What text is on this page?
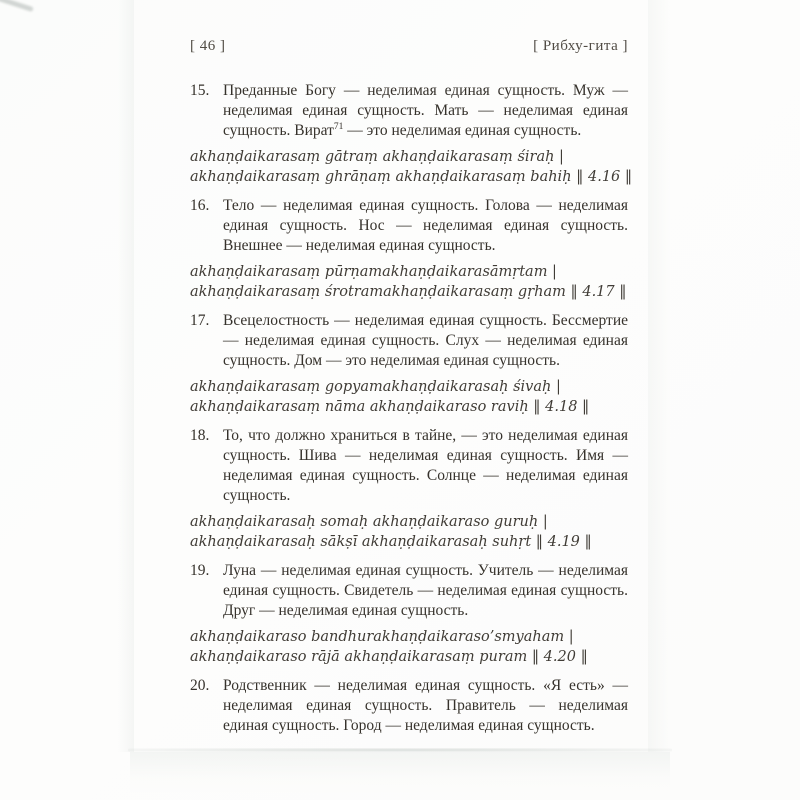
[ 46 ]	[ Рибху-гита ]
15. Преданные Богу — неделимая единая сущность. Муж — неделимая единая сущность. Мать — неделимая единая сущность. Вират$^{71}$ — это неделимая единая сущность.
akhaṇḍaikarasaṃ gātraṃ akhaṇḍaikarasaṃ śiraḥ |
akhaṇḍaikarasaṃ ghrāṇaṃ akhaṇḍaikarasaṃ bahiḥ ‖ 4.16 ‖
16. Тело — неделимая единая сущность. Голова — неделимая единая сущность. Нос — неделимая единая сущность. Внешнее — неделимая единая сущность.
akhaṇḍaikarasaṃ pūrṇamakhaṇḍaikarasāmṛtam |
akhaṇḍaikarasaṃ śrotramakhaṇḍaikarasaṃ gṛham ‖ 4.17 ‖
17. Всецелостность — неделимая единая сущность. Бессмертие — неделимая единая сущность. Слух — неделимая единая сущность. Дом — это неделимая единая сущность.
akhaṇḍaikarasaṃ gopyamakhaṇḍaikarasaḥ śivaḥ |
akhaṇḍaikarasaṃ nāma akhaṇḍaikaraso raviḥ ‖ 4.18 ‖
18. То, что должно храниться в тайне, — это неделимая единая сущность. Шива — неделимая единая сущность. Имя — неделимая единая сущность. Солнце — неделимая единая сущность.
akhaṇḍaikarasaḥ somaḥ akhaṇḍaikaraso guruḥ |
akhaṇḍaikarasaḥ sākṣī akhaṇḍaikarasaḥ suhṛt ‖ 4.19 ‖
19. Луна — неделимая единая сущность. Учитель — неделимая единая сущность. Свидетель — неделимая единая сущность. Друг — неделимая единая сущность.
akhaṇḍaikaraso bandhurakhaṇḍaikaraso’smyaham |
akhaṇḍaikaraso rājā akhaṇḍaikarasaṃ puram ‖ 4.20 ‖
20. Родственник — неделимая единая сущность. «Я есть» — неделимая единая сущность. Правитель — неделимая единая сущность. Город — неделимая единая сущность.
